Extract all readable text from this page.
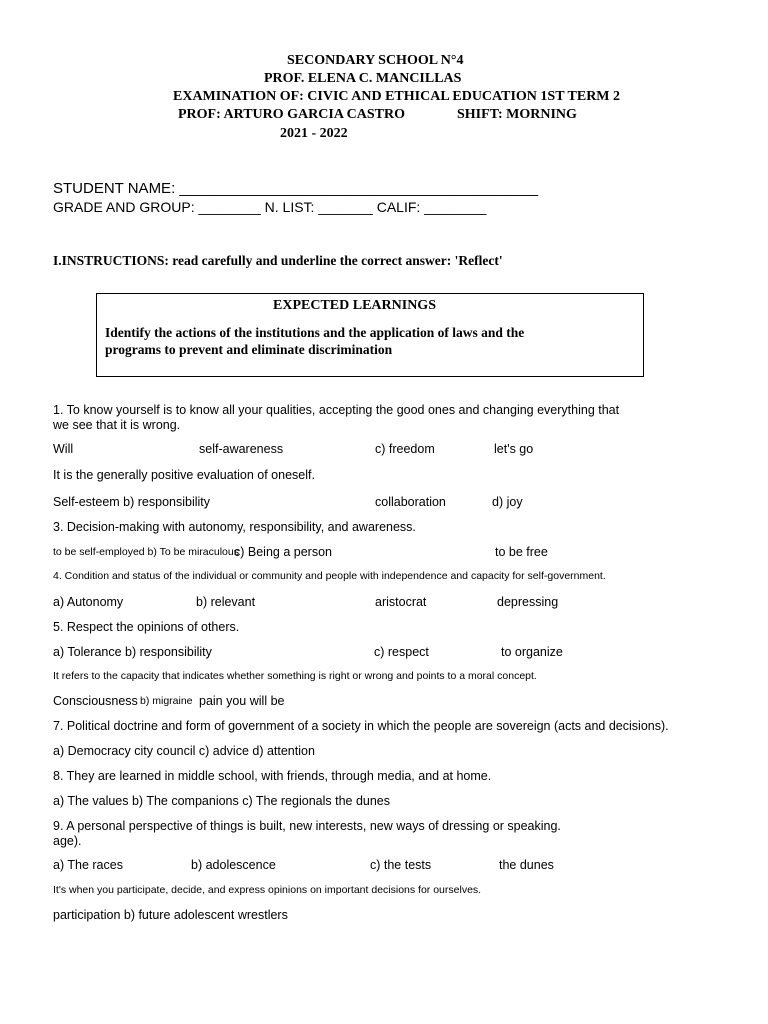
SECONDARY SCHOOL N°4
PROF. ELENA C. MANCILLAS
EXAMINATION OF: CIVIC AND ETHICAL EDUCATION 1ST TERM 2
PROF: ARTURO GARCIA CASTRO	SHIFT: MORNING
2021 - 2022
STUDENT NAME: ___________________________________________
GRADE AND GROUP: ________ N. LIST: _______ CALIF: ________
I.INSTRUCTIONS: read carefully and underline the correct answer: 'Reflect'
EXPECTED LEARNINGS
Identify the actions of the institutions and the application of laws and the
programs to prevent and eliminate discrimination
1. To know yourself is to know all your qualities, accepting the good ones and changing everything that
we see that it is wrong.
Will	self-awareness	c) freedom	let's go
It is the generally positive evaluation of oneself.
Self-esteem b) responsibility	collaboration	d) joy
3. Decision-making with autonomy, responsibility, and awareness.
to be self-employed b) To be miraculous
c) Being a person	to be free
4. Condition and status of the individual or community and people with independence and capacity for self-government.
a) Autonomy	b) relevant	aristocrat	depressing
5. Respect the opinions of others.
a) Tolerance b) responsibility	c) respect	to organize
It refers to the capacity that indicates whether something is right or wrong and points to a moral concept.
Consciousness b) migraine pain you will be
7. Political doctrine and form of government of a society in which the people are sovereign (acts and decisions).
a) Democracy city council c) advice d) attention
8. They are learned in middle school, with friends, through media, and at home.
a) The values b) The companions c) The regionals the dunes
9. A personal perspective of things is built, new interests, new ways of dressing or speaking.
age).
a) The races	b) adolescence	c) the tests	the dunes
It's when you participate, decide, and express opinions on important decisions for ourselves.
participation b) future adolescent wrestlers
